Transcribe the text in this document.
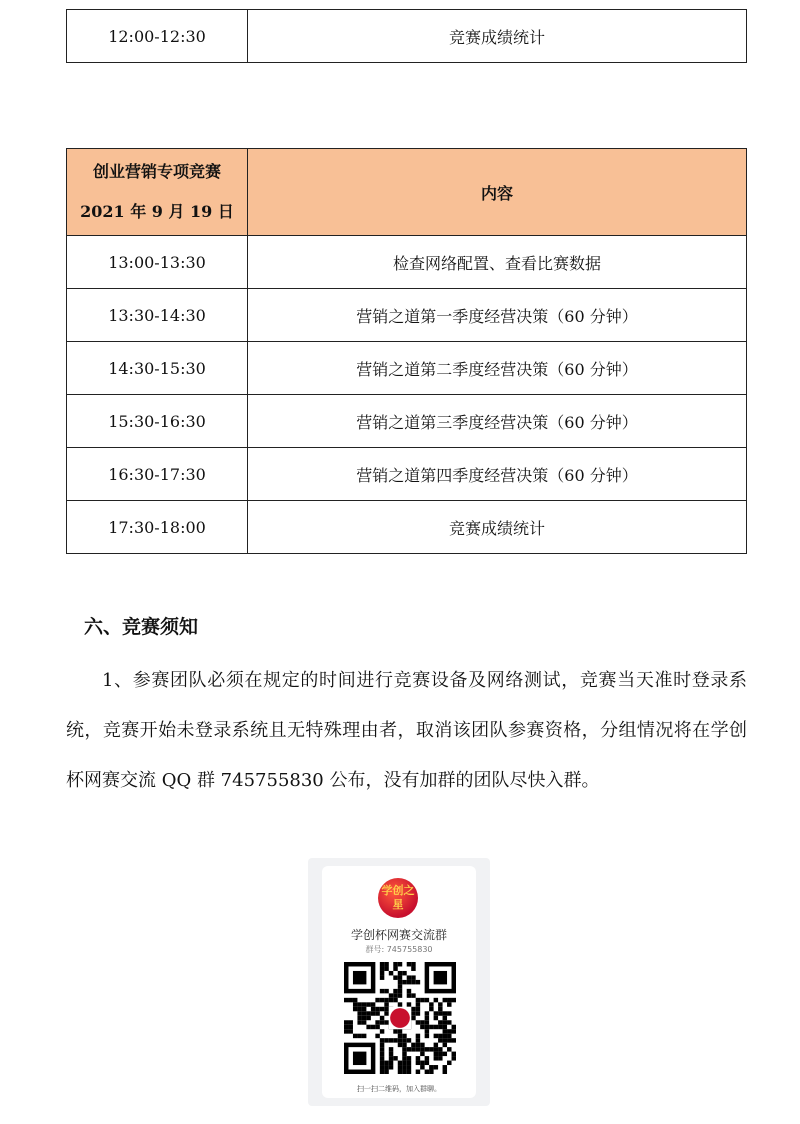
12:00-12:30	竞赛成绩统计
创业营销专项竞赛
2021 年 9 月 19 日	内容
13:00-13:30	检查网络配置、查看比赛数据
13:30-14:30	营销之道第一季度经营决策（60 分钟）
14:30-15:30	营销之道第二季度经营决策（60 分钟）
15:30-16:30	营销之道第三季度经营决策（60 分钟）
16:30-17:30	营销之道第四季度经营决策（60 分钟）
17:30-18:00	竞赛成绩统计
六、竞赛须知

1、参赛团队必须在规定的时间进行竞赛设备及网络测试，竞赛当天准时登录系统，竞赛开始未登录系统且无特殊理由者，取消该团队参赛资格，分组情况将在学创杯网赛交流 QQ 群 745755830 公布，没有加群的团队尽快入群。

学创之星
学创杯网赛交流群
群号: 745755830
扫一扫二维码，加入群聊。
